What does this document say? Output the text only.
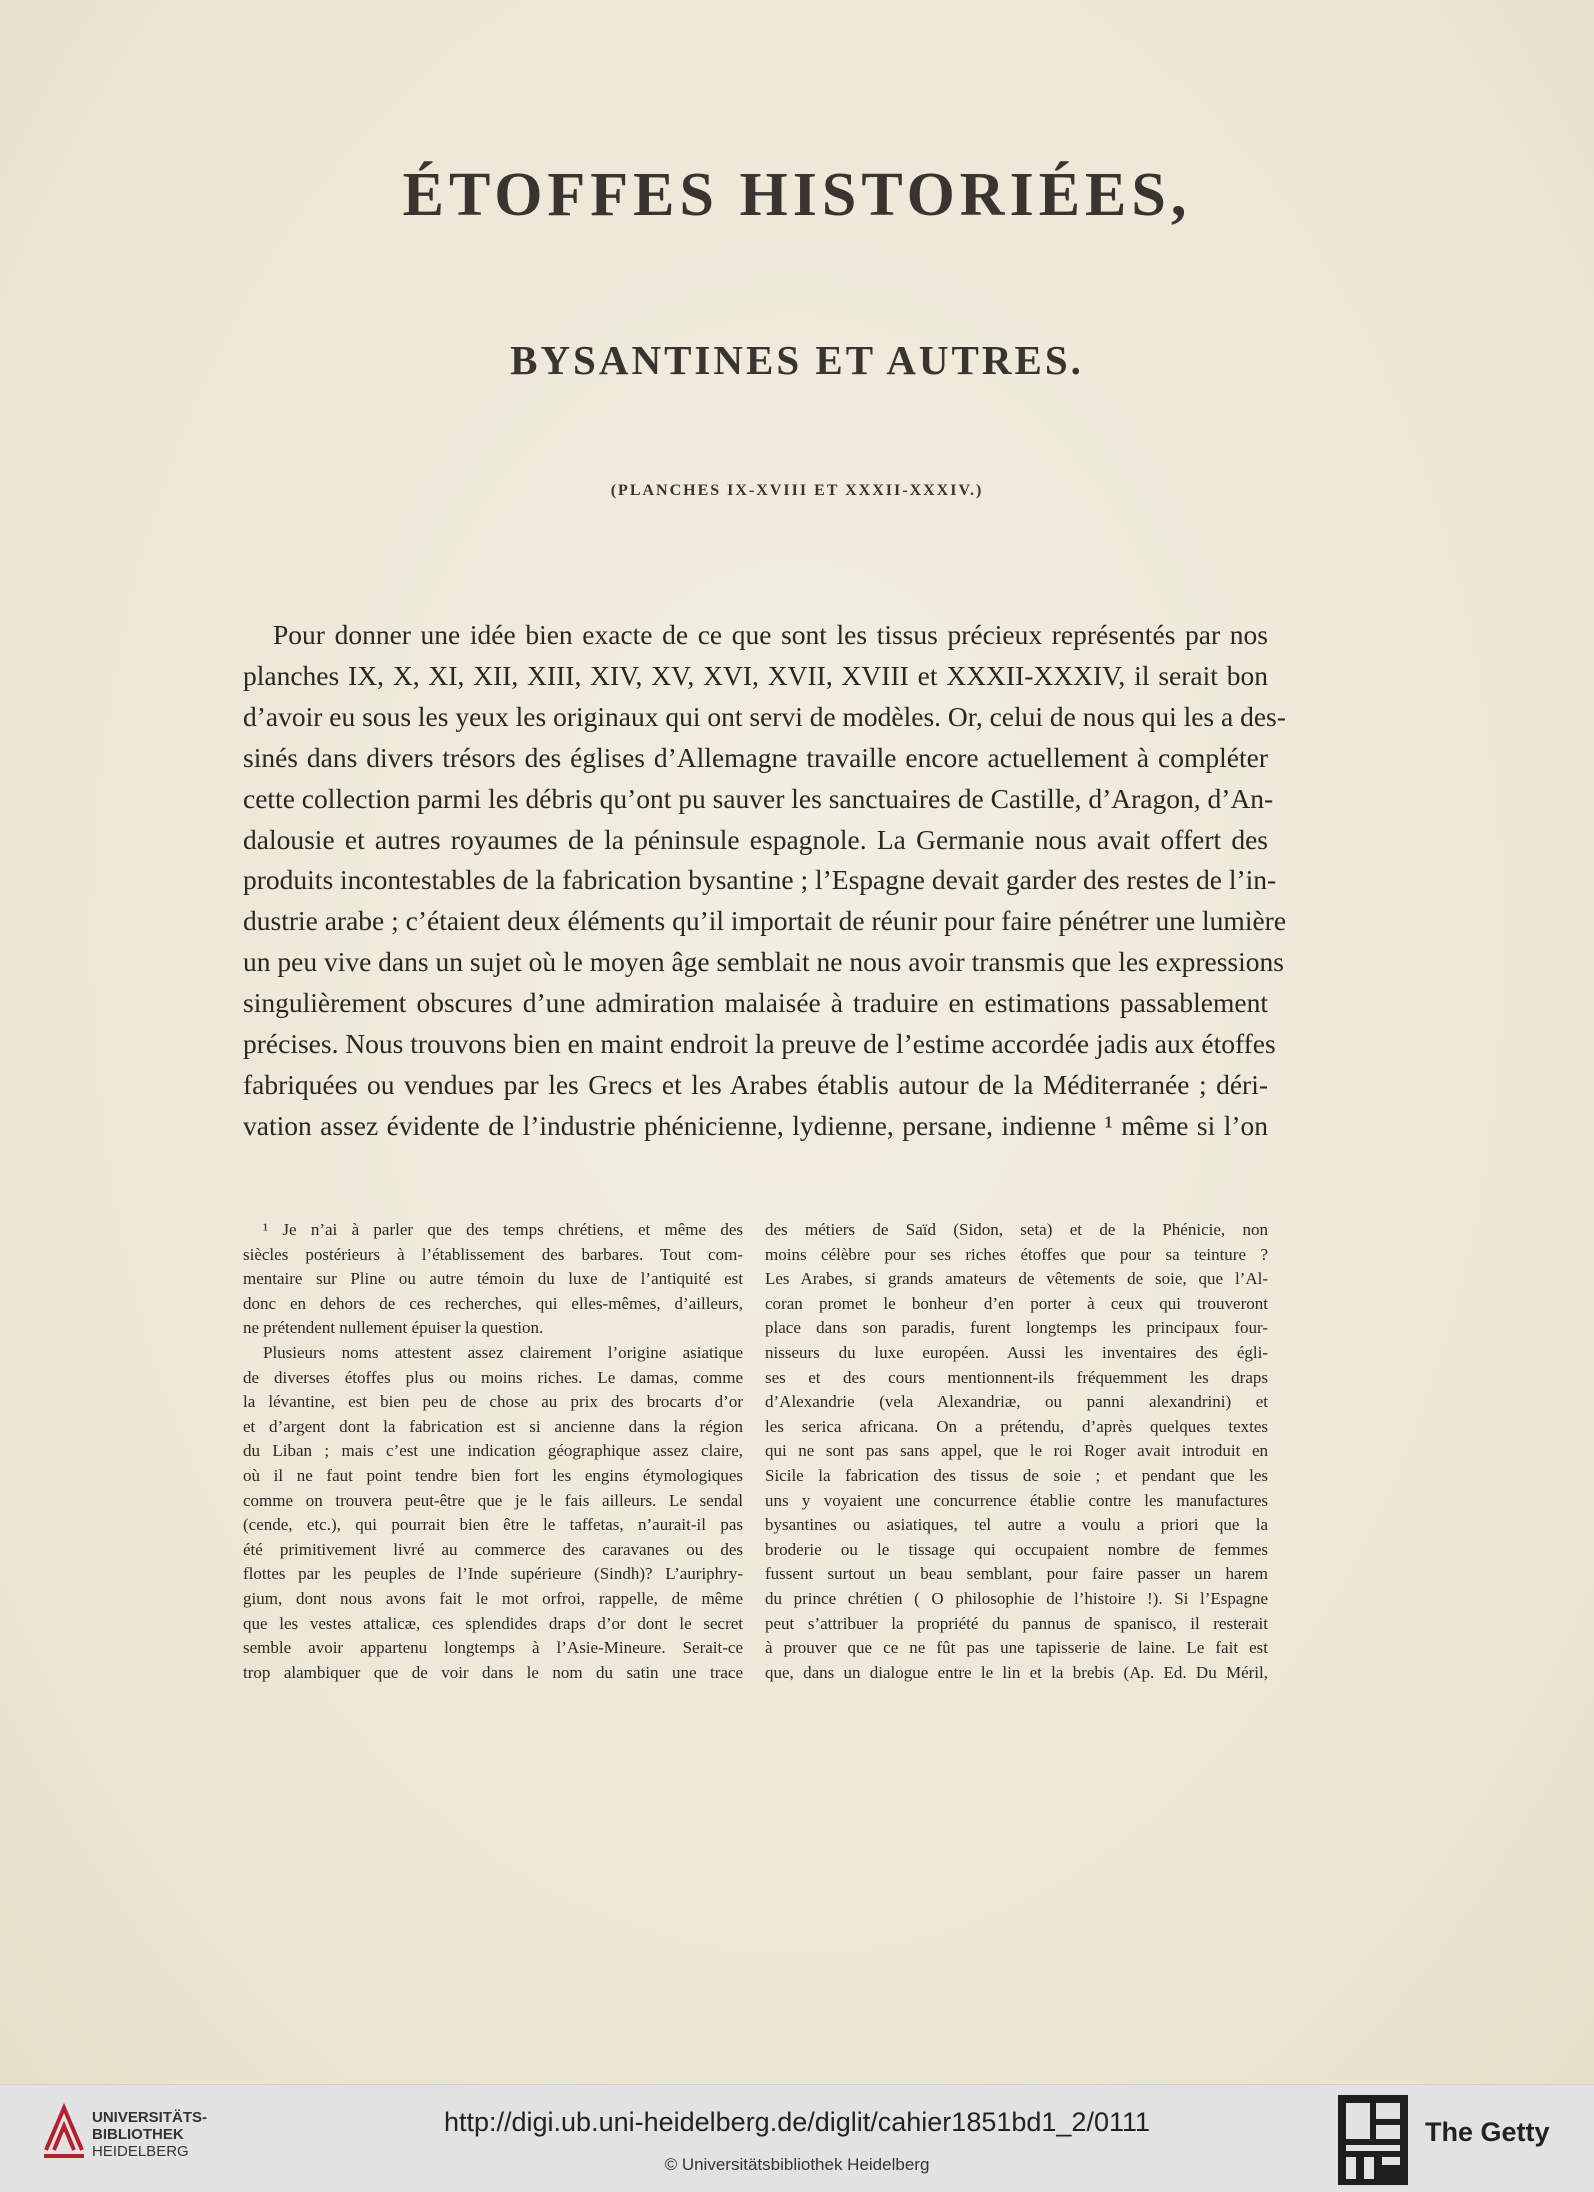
ÉTOFFES HISTORIÉES,
BYSANTINES ET AUTRES.
(PLANCHES IX-XVIII ET XXXII-XXXIV.)
Pour donner une idée bien exacte de ce que sont les tissus précieux représentés par nos
planches IX, X, XI, XII, XIII, XIV, XV, XVI, XVII, XVIII et XXXII-XXXIV, il serait bon
d’avoir eu sous les yeux les originaux qui ont servi de modèles. Or, celui de nous qui les a des-
sinés dans divers trésors des églises d’Allemagne travaille encore actuellement à compléter
cette collection parmi les débris qu’ont pu sauver les sanctuaires de Castille, d’Aragon, d’An-
dalousie et autres royaumes de la péninsule espagnole. La Germanie nous avait offert des
produits incontestables de la fabrication bysantine ; l’Espagne devait garder des restes de l’in-
dustrie arabe ; c’étaient deux éléments qu’il importait de réunir pour faire pénétrer une lumière
un peu vive dans un sujet où le moyen âge semblait ne nous avoir transmis que les expressions
singulièrement obscures d’une admiration malaisée à traduire en estimations passablement
précises. Nous trouvons bien en maint endroit la preuve de l’estime accordée jadis aux étoffes
fabriquées ou vendues par les Grecs et les Arabes établis autour de la Méditerranée ; déri-
vation assez évidente de l’industrie phénicienne, lydienne, persane, indienne ¹ même si l’on
¹ Je n’ai à parler que des temps chrétiens, et même des
siècles postérieurs à l’établissement des barbares. Tout com-
mentaire sur Pline ou autre témoin du luxe de l’antiquité est
donc en dehors de ces recherches, qui elles-mêmes, d’ailleurs,
ne prétendent nullement épuiser la question.
Plusieurs noms attestent assez clairement l’origine asiatique
de diverses étoffes plus ou moins riches. Le damas, comme
la lévantine, est bien peu de chose au prix des brocarts d’or
et d’argent dont la fabrication est si ancienne dans la région
du Liban ; mais c’est une indication géographique assez claire,
où il ne faut point tendre bien fort les engins étymologiques
comme on trouvera peut-être que je le fais ailleurs. Le sendal
(cende, etc.), qui pourrait bien être le taffetas, n’aurait-il pas
été primitivement livré au commerce des caravanes ou des
flottes par les peuples de l’Inde supérieure (Sindh)? L’auriphry-
gium, dont nous avons fait le mot orfroi, rappelle, de même
que les vestes attalicæ, ces splendides draps d’or dont le secret
semble avoir appartenu longtemps à l’Asie-Mineure. Serait-ce
trop alambiquer que de voir dans le nom du satin une trace
des métiers de Saïd (Sidon, seta) et de la Phénicie, non
moins célèbre pour ses riches étoffes que pour sa teinture ?
Les Arabes, si grands amateurs de vêtements de soie, que l’Al-
coran promet le bonheur d’en porter à ceux qui trouveront
place dans son paradis, furent longtemps les principaux four-
nisseurs du luxe européen. Aussi les inventaires des égli-
ses et des cours mentionnent-ils fréquemment les draps
d’Alexandrie (vela Alexandriæ, ou panni alexandrini) et
les serica africana. On a prétendu, d’après quelques textes
qui ne sont pas sans appel, que le roi Roger avait introduit en
Sicile la fabrication des tissus de soie ; et pendant que les
uns y voyaient une concurrence établie contre les manufactures
bysantines ou asiatiques, tel autre a voulu a priori que la
broderie ou le tissage qui occupaient nombre de femmes
fussent surtout un beau semblant, pour faire passer un harem
du prince chrétien ( O philosophie de l’histoire !). Si l’Espagne
peut s’attribuer la propriété du pannus de spanisco, il resterait
à prouver que ce ne fût pas une tapisserie de laine. Le fait est
que, dans un dialogue entre le lin et la brebis (Ap. Ed. Du Méril,
UNIVERSITÄTS-
BIBLIOTHEK
HEIDELBERG
http://digi.ub.uni-heidelberg.de/diglit/cahier1851bd1_2/0111
© Universitätsbibliothek Heidelberg
The Getty
